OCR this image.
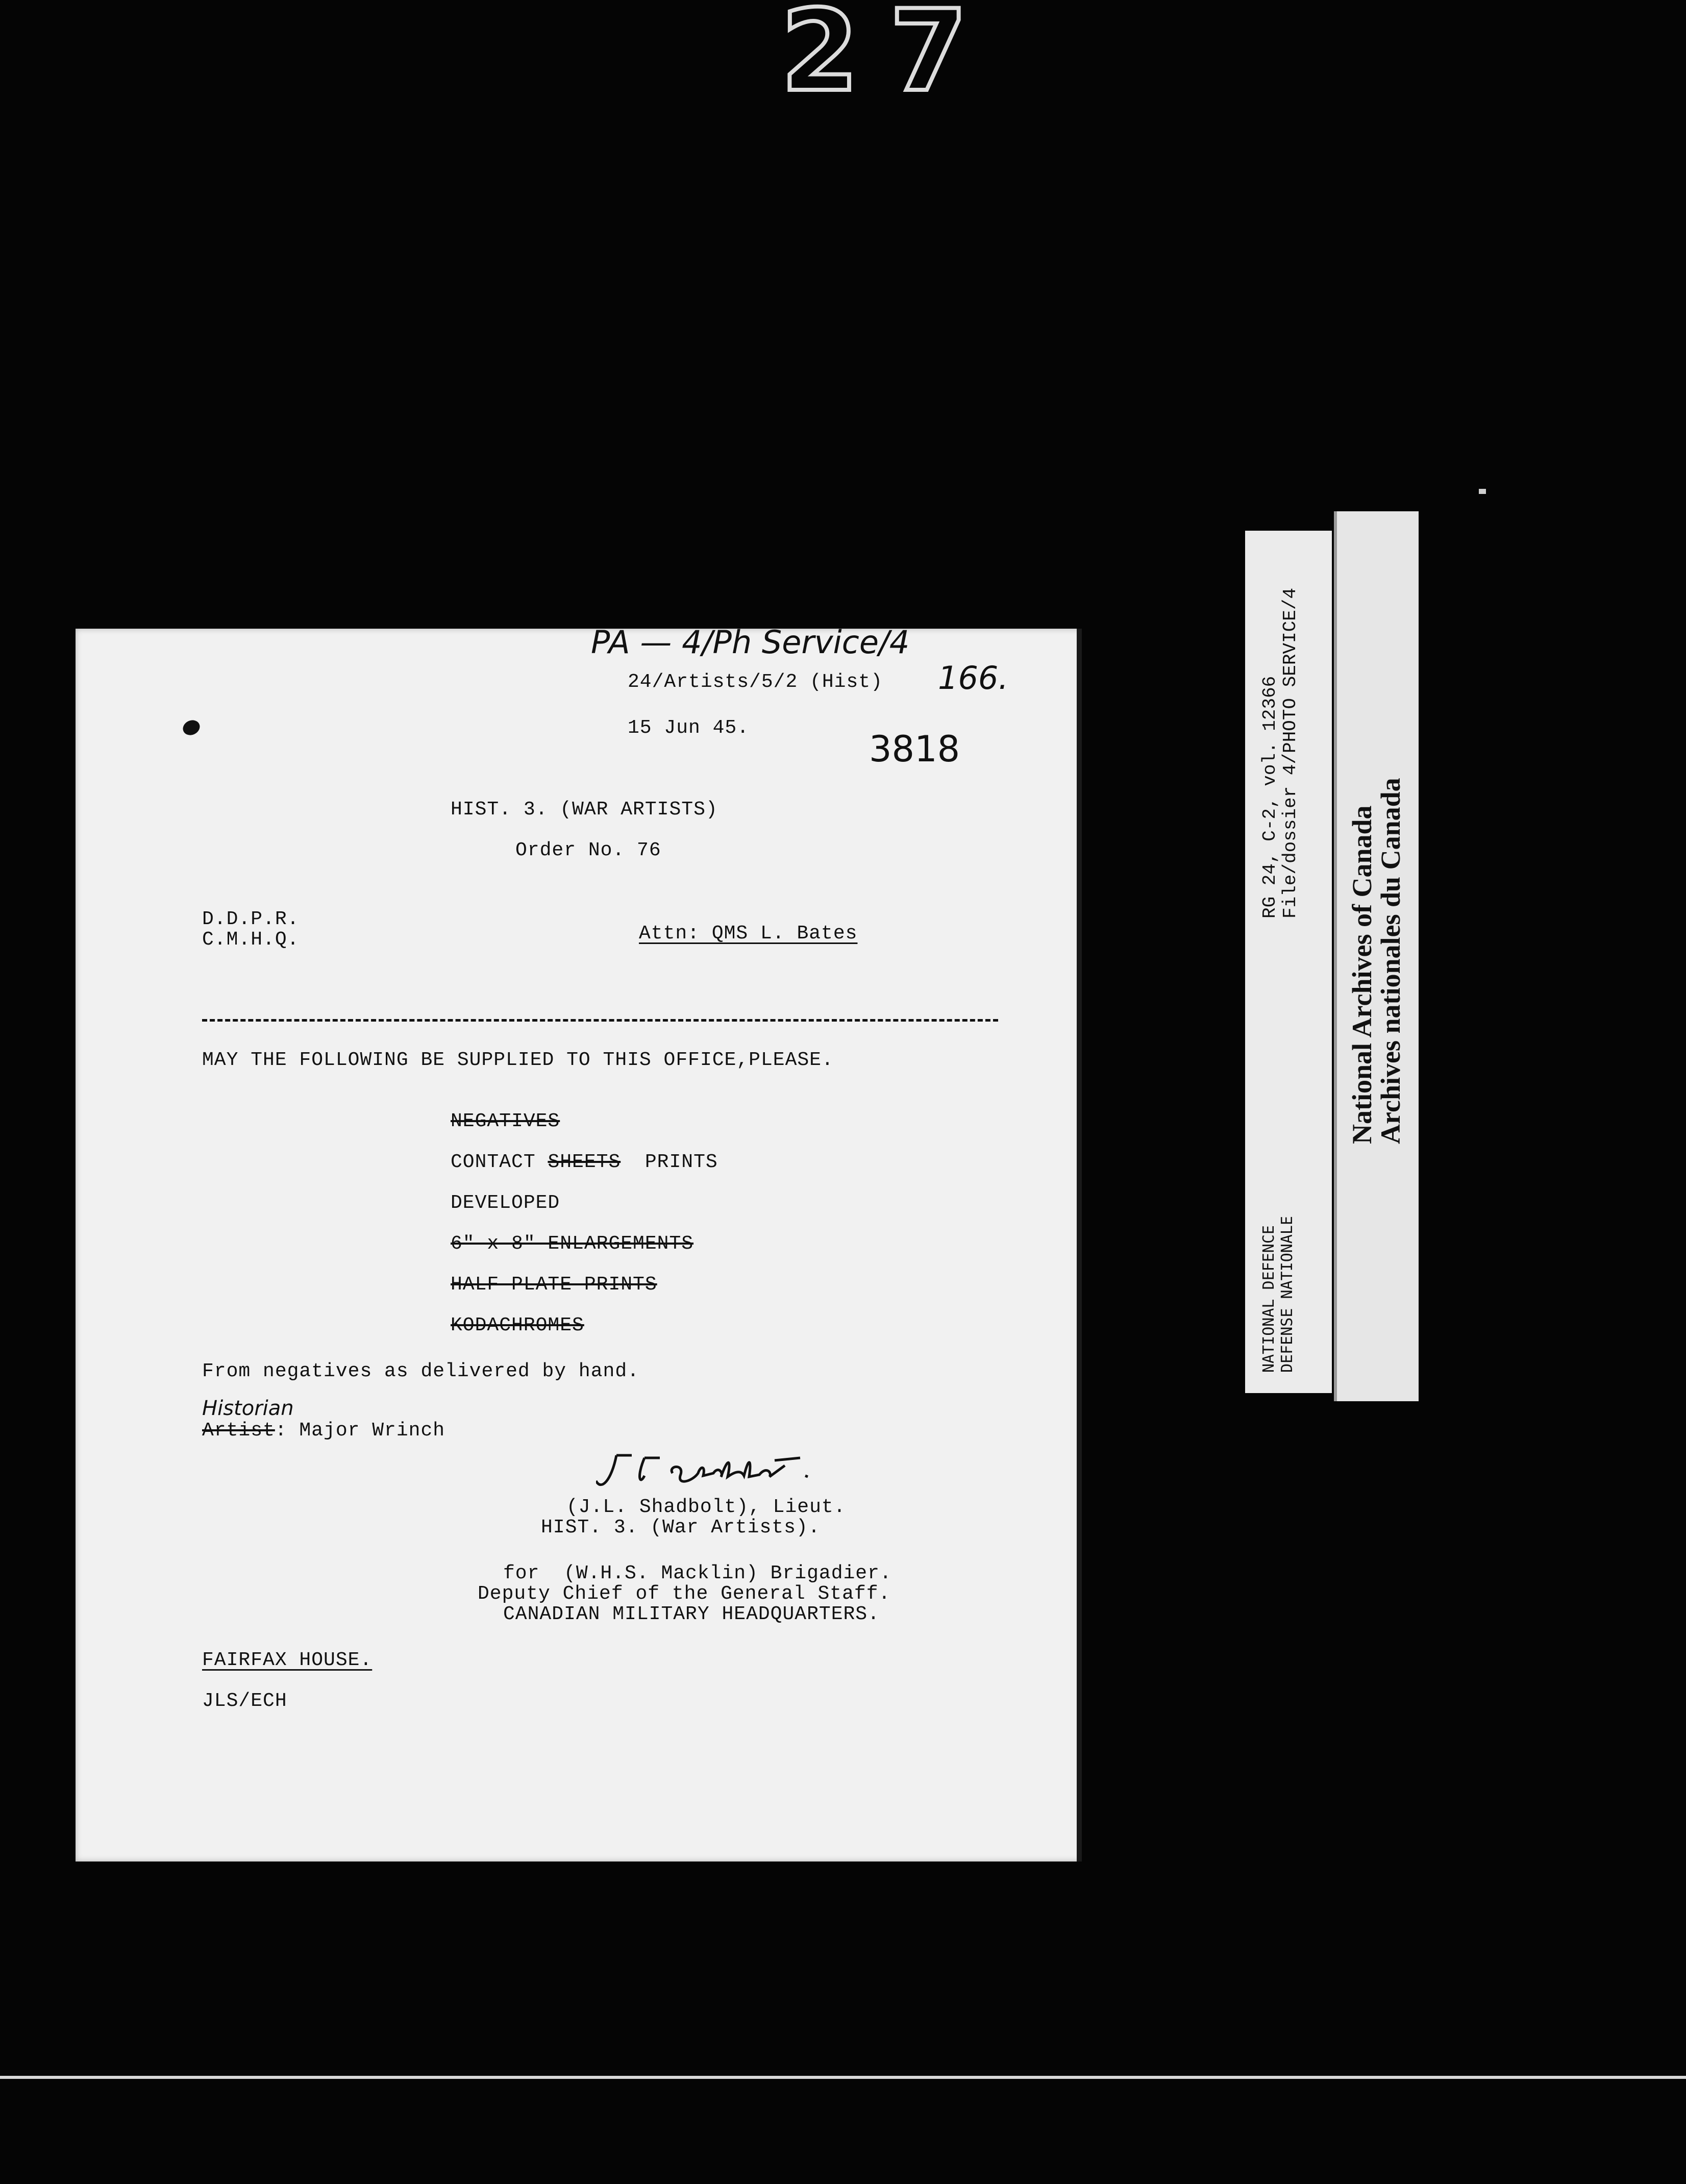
27
PA — 4/Ph Service/4
24/Artists/5/2 (Hist) 166.
15 Jun 45.
3818
HIST. 3. (WAR ARTISTS)
Order No. 76
D.D.P.R.
C.M.H.Q.	Attn: QMS L. Bates
MAY THE FOLLOWING BE SUPPLIED TO THIS OFFICE,PLEASE.
NEGATIVES
CONTACT SHEETS  PRINTS
DEVELOPED
6" x 8" ENLARGEMENTS
HALF-PLATE-PRINTS
KODACHROMES
From negatives as delivered by hand.
Historian
Artist: Major Wrinch
(J.L. Shadbolt), Lieut.
HIST. 3. (War Artists).
for  (W.H.S. Macklin) Brigadier.
Deputy Chief of the General Staff.
CANADIAN MILITARY HEADQUARTERS.
FAIRFAX HOUSE.
JLS/ECH
RG 24, C-2, vol. 12366 File/dossier 4/PHOTO SERVICE/4
NATIONAL DEFENCE DEFENSE NATIONALE
National Archives of Canada
Archives nationales du Canada
